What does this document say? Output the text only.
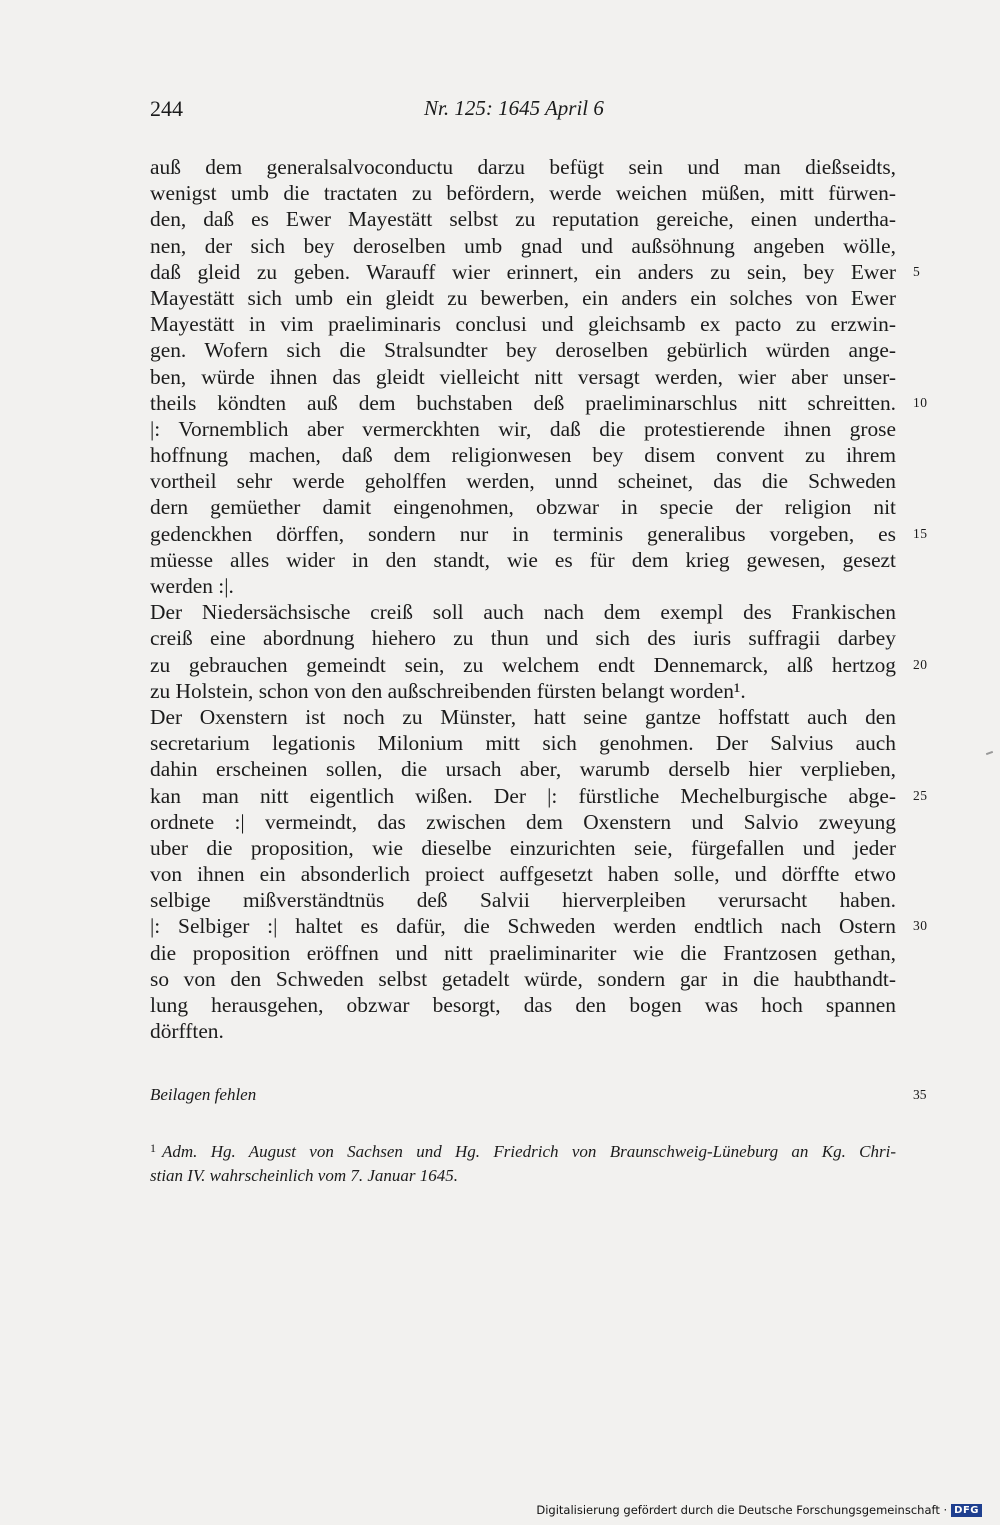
244	Nr. 125: 1645 April 6
auß dem generalsalvoconductu darzu befügt sein und man dießseidts,
wenigst umb die tractaten zu befördern, werde weichen müßen, mitt fürwen-
den, daß es Ewer Mayestätt selbst zu reputation gereiche, einen underthа-
nen, der sich bey deroselben umb gnad und außsöhnung angeben wölle,
daß gleid zu geben. Warauff wier erinnert, ein anders zu sein, bey Ewer 5
Mayestätt sich umb ein gleidt zu bewerben, ein anders ein solches von Ewer
Mayestätt in vim praeliminaris conclusi und gleichsamb ex pacto zu erzwin-
gen. Wofern sich die Stralsundter bey deroselben gebürlich würden ange-
ben, würde ihnen das gleidt vielleicht nitt versagt werden, wier aber unser-
theils köndten auß dem buchstaben deß praeliminarschlus nitt schreitten. 10
|: Vornemblich aber vermerckhten wir, daß die protestierende ihnen grose
hoffnung machen, daß dem religionwesen bey disem convent zu ihrem
vortheil sehr werde geholffen werden, unnd scheinet, das die Schweden
dern gemüether damit eingenohmen, obzwar in specie der religion nit
gedenckhen dörffen, sondern nur in terminis generalibus vorgeben, es 15
müesse alles wider in den standt, wie es für dem krieg gewesen, gesezt
werden :|.
Der Niedersächsische creiß soll auch nach dem exempl des Frankischen
creiß eine abordnung hiehero zu thun und sich des iuris suffragii darbey
zu gebrauchen gemeindt sein, zu welchem endt Dennemarck, alß hertzog 20
zu Holstein, schon von den außschreibenden fürsten belangt worden¹.
Der Oxenstern ist noch zu Münster, hatt seine gantze hoffstatt auch den
secretarium legationis Milonium mitt sich genohmen. Der Salvius auch
dahin erscheinen sollen, die ursach aber, warumb derselb hier verplieben,
kan man nitt eigentlich wißen. Der |: fürstliche Mechelburgische abge- 25
ordnete :| vermeindt, das zwischen dem Oxenstern und Salvio zweyung
uber die proposition, wie dieselbe einzurichten seie, fürgefallen und jeder
von ihnen ein absonderlich proiect auffgesetzt haben solle, und dörffte etwo
selbige mißverständtnüs deß Salvii hierverpleiben verursacht haben.
|: Selbiger :| haltet es dafür, die Schweden werden endtlich nach Ostern 30
die proposition eröffnen und nitt praeliminariter wie die Frantzosen gethan,
so von den Schweden selbst getadelt würde, sondern gar in die haubthandt-
lung herausgehen, obzwar besorgt, das den bogen was hoch spannen
dörfften.
Beilagen fehlen	35
$^1$ Adm. Hg. August von Sachsen und Hg. Friedrich von Braunschweig-Lüneburg an Kg. Chri-
stian IV. wahrscheinlich vom 7. Januar 1645.
Digitalisierung gefördert durch die Deutsche Forschungsgemeinschaft · DFG
